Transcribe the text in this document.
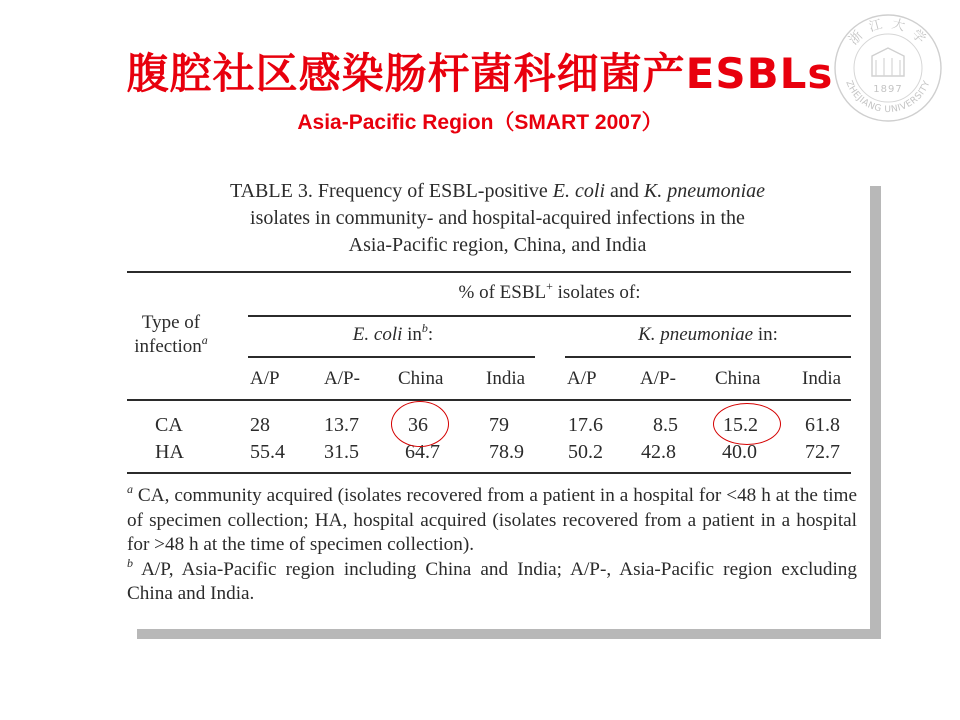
腹腔社区感染肠杆菌科细菌产ESBLs
Asia-Pacific Region（SMART 2007）
浙 江 大 学
ZHEJIANG UNIVERSITY
1897
TABLE 3. Frequency of ESBL-positive E. coli and K. pneumoniae
isolates in community- and hospital-acquired infections in the
Asia-Pacific region, China, and India
% of ESBL+ isolates of:
Type of
infection$^a$	E. coli $in^b$:	K. pneumoniae in:
A/P A/P- China India A/P A/P- China India
CA	28	13.7 36	79	17.6	8.5 15.2 61.8
HA	55.4 31.5 64.7 78.9 50.2 42.8 40.0 72.7

$^a$ CA, community acquired (isolates recovered from a patient in a hospital for <48 h at the time of specimen collection; HA, hospital acquired (isolates recovered from a patient in a hospital for >48 h at the time of specimen collection).

$^b$ A/P, Asia-Pacific region including China and India; A/P-, Asia-Pacific region excluding China and India.
